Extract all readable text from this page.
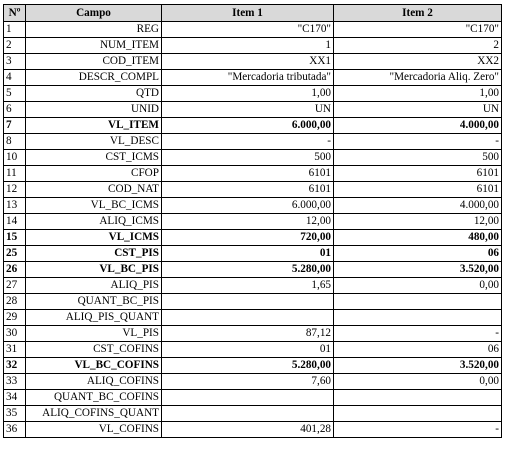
Nº	Campo	Item 1	Item 2
1	REG	"C170"	"C170"
2	NUM_ITEM	1	2
3	COD_ITEM	XX1	XX2
4	DESCR_COMPL	"Mercadoria tributada"	"Mercadoria Aliq. Zero"
5	QTD	1,00	1,00
6	UNID	UN	UN
7	VL_ITEM	6.000,00	4.000,00
8	VL_DESC	-	-
10	CST_ICMS	500	500
11	CFOP	6101	6101
12	COD_NAT	6101	6101
13	VL_BC_ICMS	6.000,00	4.000,00
14	ALIQ_ICMS	12,00	12,00
15	VL_ICMS	720,00	480,00
25	CST_PIS	01	06
26	VL_BC_PIS	5.280,00	3.520,00
27	ALIQ_PIS	1,65	0,00
28	QUANT_BC_PIS		
29	ALIQ_PIS_QUANT		
30	VL_PIS	87,12	-
31	CST_COFINS	01	06
32	VL_BC_COFINS	5.280,00	3.520,00
33	ALIQ_COFINS	7,60	0,00
34	QUANT_BC_COFINS		
35	ALIQ_COFINS_QUANT		
36	VL_COFINS	401,28	-
